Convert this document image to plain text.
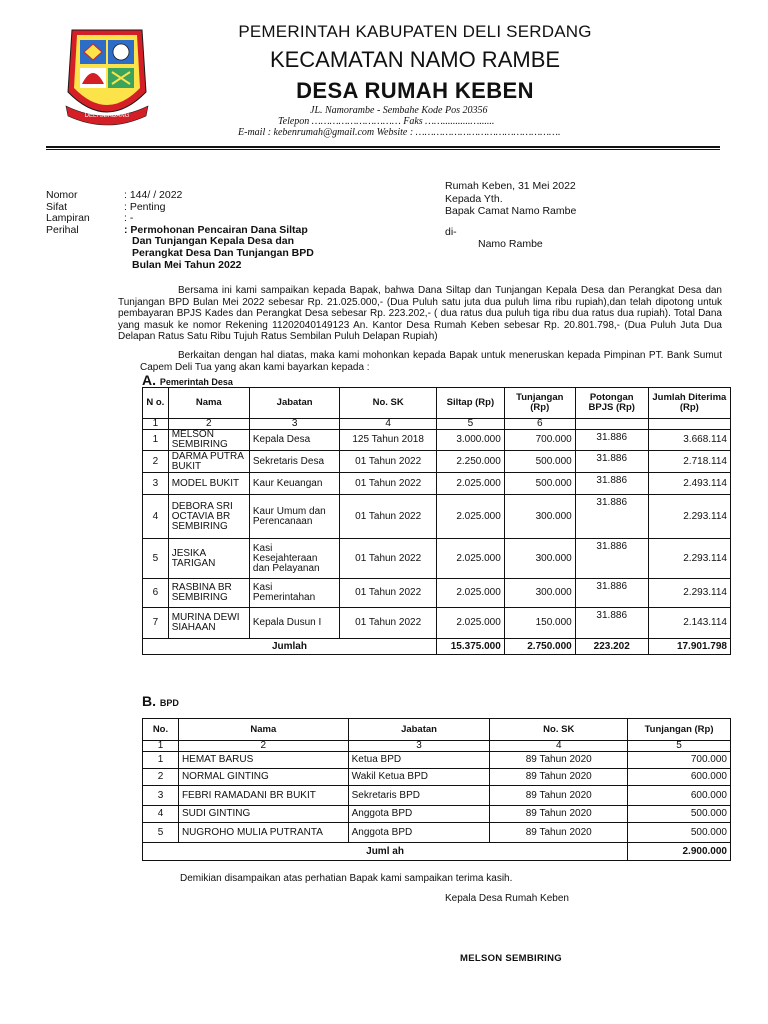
DELI SERDANG
PEMERINTAH KABUPATEN DELI SERDANG
KECAMATAN NAMO RAMBE
DESA RUMAH KEBEN
JL. Namorambe - Sembahe Kode Pos 20356
Telepon ………………………… Faks ……...........…......
E-mail : kebenrumah@gmail.com Website : ………………………………………….
Nomor	: 144/ / 2022
Sifat	: Penting
Lampiran	: -
Perihal	: Permohonan Pencairan Dana Siltap
Dan Tunjangan Kepala Desa dan
Perangkat Desa Dan Tunjangan BPD
Bulan Mei Tahun 2022
Rumah Keben, 31 Mei 2022
Kepada Yth.
Bapak Camat Namo Rambe
di-
Namo Rambe
Bersama ini kami sampaikan kepada Bapak, bahwa Dana Siltap dan Tunjangan Kepala Desa dan Perangkat Desa dan Tunjangan BPD Bulan Mei 2022 sebesar Rp. 21.025.000,- (Dua Puluh satu juta dua puluh lima ribu rupiah),dan telah dipotong untuk pembayaran BPJS Kades dan Perangkat Desa sebesar Rp. 223.202,- ( dua ratus dua puluh tiga ribu dua ratus dua rupiah). Total Dana yang masuk ke nomor Rekening 11202040149123 An. Kantor Desa Rumah Keben sebesar Rp. 20.801.798,- (Dua Puluh Juta Dua Delapan Ratus Satu Ribu Tujuh Ratus Sembilan Puluh Delapan Rupiah)
Berkaitan dengan hal diatas, maka kami mohonkan kepada Bapak untuk meneruskan kepada Pimpinan PT. Bank Sumut Capem Deli Tua yang akan kami bayarkan kepada :
A. Pemerintah Desa
N o.	Nama	Jabatan	No. SK	Siltap (Rp)	Tunjangan (Rp)	Potongan BPJS (Rp)	Jumlah Diterima (Rp)
1	2	3	4	5	6		
1	MELSON SEMBIRING	Kepala Desa	125 Tahun 2018	3.000.000	700.000	31.886	3.668.114
2	DARMA PUTRA BUKIT	Sekretaris Desa	01 Tahun 2022	2.250.000	500.000	31.886	2.718.114
3	MODEL BUKIT	Kaur Keuangan	01 Tahun 2022	2.025.000	500.000	31.886	2.493.114
4	DEBORA SRI OCTAVIA BR SEMBIRING	Kaur Umum dan Perencanaan	01 Tahun 2022	2.025.000	300.000	31.886	2.293.114
5	JESIKA TARIGAN	Kasi Kesejahteraan dan Pelayanan	01 Tahun 2022	2.025.000	300.000	31.886	2.293.114
6	RASBINA BR SEMBIRING	Kasi Pemerintahan	01 Tahun 2022	2.025.000	300.000	31.886	2.293.114
7	MURINA DEWI SIAHAAN	Kepala Dusun I	01 Tahun 2022	2.025.000	150.000	31.886	2.143.114
Jumlah				15.375.000	2.750.000	223.202	17.901.798
B. BPD
No.	Nama	Jabatan	No. SK	Tunjangan (Rp)
1	2	3	4	5
1	HEMAT BARUS	Ketua BPD	89 Tahun 2020	700.000
2	NORMAL GINTING	Wakil Ketua BPD	89 Tahun 2020	600.000
3	FEBRI RAMADANI BR BUKIT	Sekretaris BPD	89 Tahun 2020	600.000
4	SUDI GINTING	Anggota BPD	89 Tahun 2020	500.000
5	NUGROHO MULIA PUTRANTA	Anggota BPD	89 Tahun 2020	500.000
Juml ah				2.900.000
Demikian disampaikan atas perhatian Bapak kami sampaikan terima kasih.
Kepala Desa Rumah Keben
MELSON SEMBIRING
